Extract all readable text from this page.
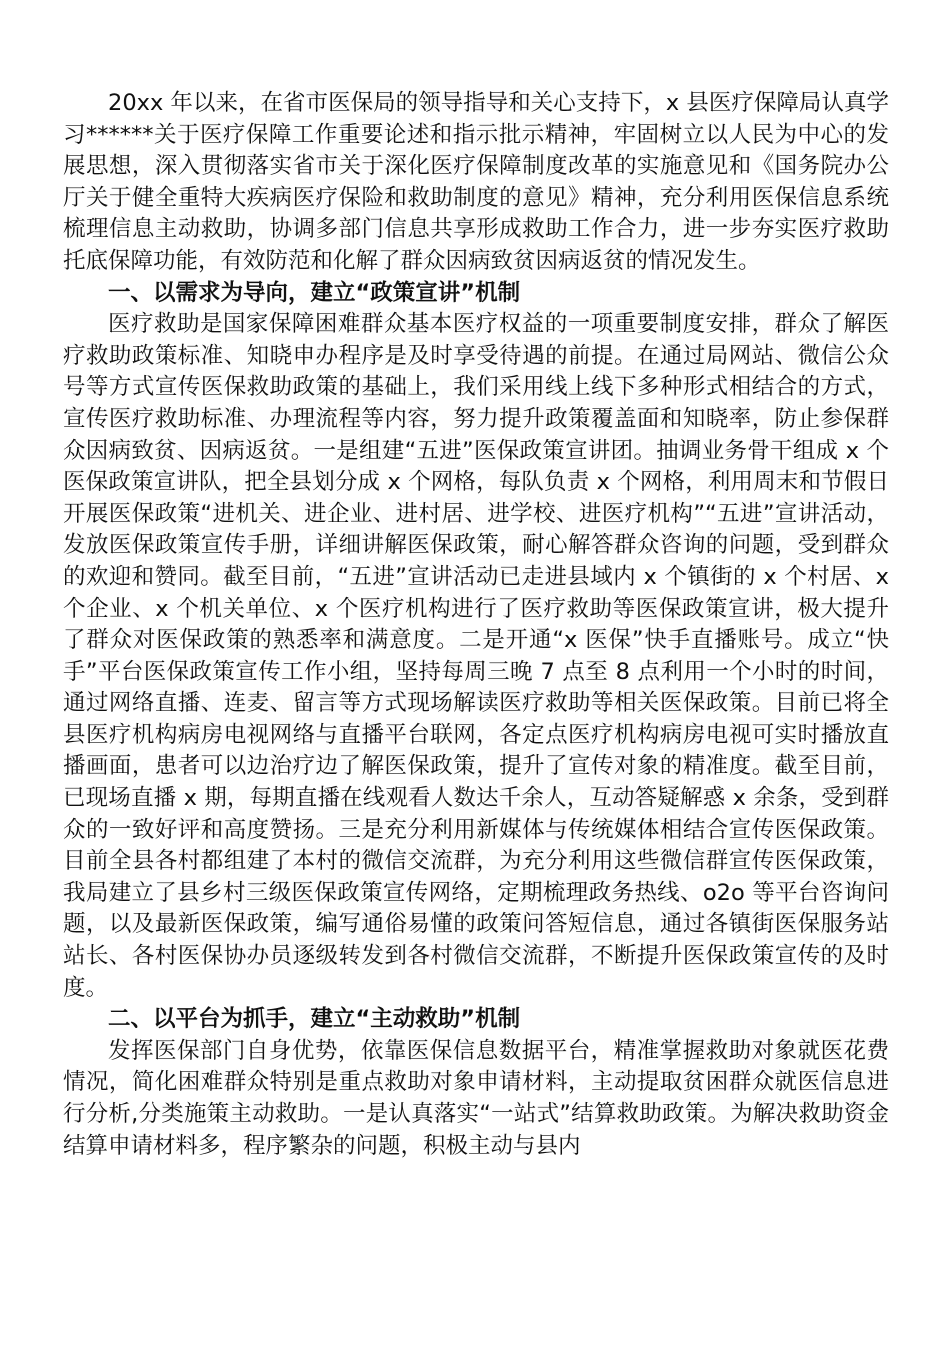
20xx 年以来，在省市医保局的领导指导和关心支持下，x 县医疗保障局认真学习******关于医疗保障工作重要论述和指示批示精神，牢固树立以人民为中心的发展思想，深入贯彻落实省市关于深化医疗保障制度改革的实施意见和《国务院办公厅关于健全重特大疾病医疗保险和救助制度的意见》精神，充分利用医保信息系统梳理信息主动救助，协调多部门信息共享形成救助工作合力，进一步夯实医疗救助托底保障功能，有效防范和化解了群众因病致贫因病返贫的情况发生。

一、以需求为导向，建立“政策宣讲”机制

医疗救助是国家保障困难群众基本医疗权益的一项重要制度安排，群众了解医疗救助政策标准、知晓申办程序是及时享受待遇的前提。在通过局网站、微信公众号等方式宣传医保救助政策的基础上，我们采用线上线下多种形式相结合的方式，宣传医疗救助标准、办理流程等内容，努力提升政策覆盖面和知晓率，防止参保群众因病致贫、因病返贫。一是组建“五进”医保政策宣讲团。抽调业务骨干组成 x 个医保政策宣讲队，把全县划分成 x 个网格，每队负责 x 个网格，利用周末和节假日开展医保政策“进机关、进企业、进村居、进学校、进医疗机构”“五进”宣讲活动，发放医保政策宣传手册，详细讲解医保政策，耐心解答群众咨询的问题，受到群众的欢迎和赞同。截至目前，“五进”宣讲活动已走进县域内 x 个镇街的 x 个村居、x 个企业、x 个机关单位、x 个医疗机构进行了医疗救助等医保政策宣讲，极大提升了群众对医保政策的熟悉率和满意度。二是开通“x 医保”快手直播账号。成立“快手”平台医保政策宣传工作小组，坚持每周三晚 7 点至 8 点利用一个小时的时间，通过网络直播、连麦、留言等方式现场解读医疗救助等相关医保政策。目前已将全县医疗机构病房电视网络与直播平台联网，各定点医疗机构病房电视可实时播放直播画面，患者可以边治疗边了解医保政策，提升了宣传对象的精准度。截至目前，已现场直播 x 期，每期直播在线观看人数达千余人，互动答疑解惑 x 余条，受到群众的一致好评和高度赞扬。三是充分利用新媒体与传统媒体相结合宣传医保政策。目前全县各村都组建了本村的微信交流群，为充分利用这些微信群宣传医保政策，我局建立了县乡村三级医保政策宣传网络，定期梳理政务热线、o2o 等平台咨询问题，以及最新医保政策，编写通俗易懂的政策问答短信息，通过各镇街医保服务站站长、各村医保协办员逐级转发到各村微信交流群，不断提升医保政策宣传的及时度。

二、以平台为抓手，建立“主动救助”机制

发挥医保部门自身优势，依靠医保信息数据平台，精准掌握救助对象就医花费情况，简化困难群众特别是重点救助对象申请材料，主动提取贫困群众就医信息进行分析,分类施策主动救助。一是认真落实“一站式”结算救助政策。为解决救助资金结算申请材料多，程序繁杂的问题，积极主动与县内
